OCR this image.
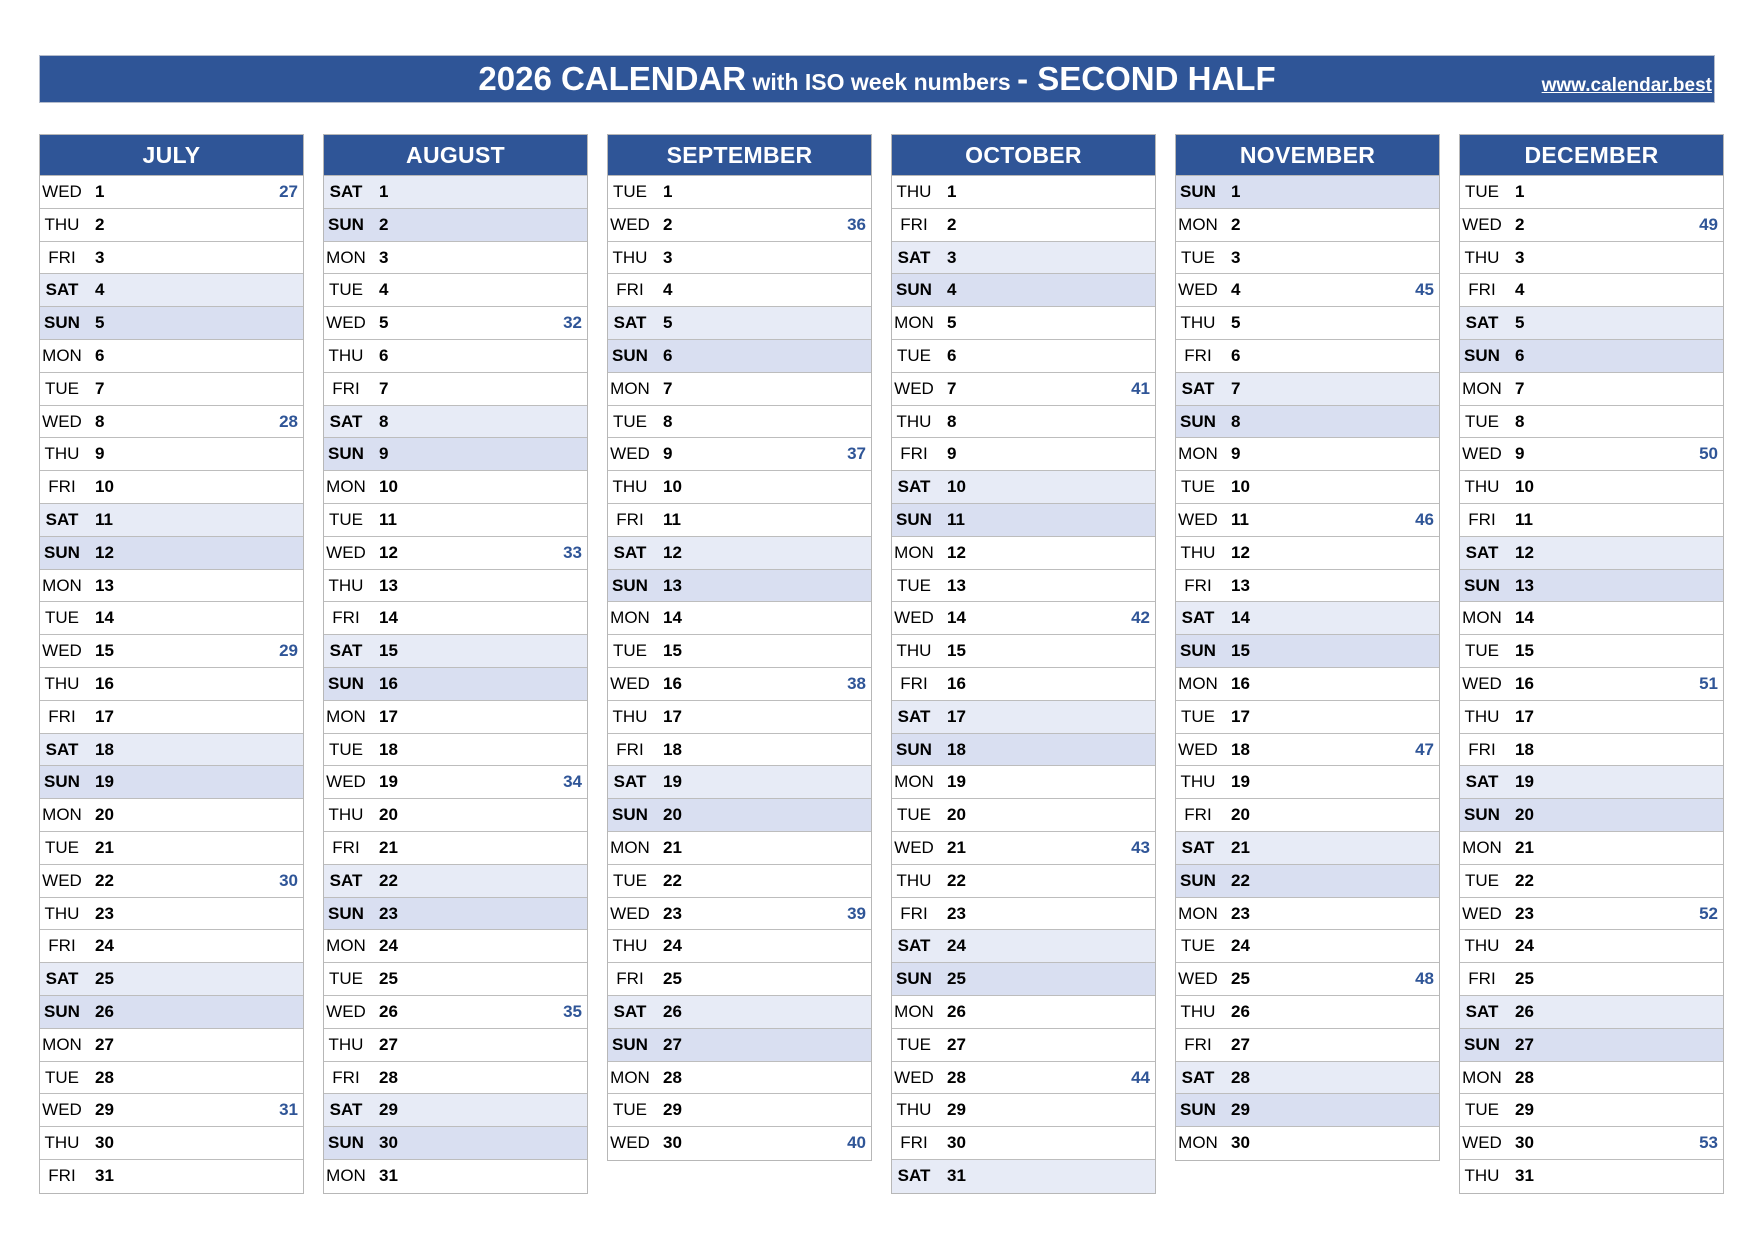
2026 CALENDAR with ISO week numbers - SECOND HALF	www.calendar.best
JULY
WED 1	27
THU 2
FRI	3
SAT 4
SUN 5
MON 6
TUE 7
WED 8	28
THU 9
FRI	10
SAT 11
SUN 12
MON 13
TUE 14
WED 15	29
THU 16
FRI	17
SAT 18
SUN 19
MON 20
TUE 21
WED 22	30
THU 23
FRI	24
SAT 25
SUN 26
MON 27
TUE 28
WED 29	31
THU 30
FRI	31
AUGUST
SAT 1
SUN 2
MON 3
TUE 4
WED 5	32
THU 6
FRI	7
SAT 8
SUN 9
MON 10
TUE 11
WED 12	33
THU 13
FRI	14
SAT 15
SUN 16
MON 17
TUE 18
WED 19	34
THU 20
FRI	21
SAT 22
SUN 23
MON 24
TUE 25
WED 26	35
THU 27
FRI	28
SAT 29
SUN 30
MON 31
SEPTEMBER
TUE 1
WED 2	36
THU 3
FRI	4
SAT 5
SUN 6
MON 7
TUE 8
WED 9	37
THU 10
FRI	11
SAT 12
SUN 13
MON 14
TUE 15
WED 16	38
THU 17
FRI	18
SAT 19
SUN 20
MON 21
TUE 22
WED 23	39
THU 24
FRI	25
SAT 26
SUN 27
MON 28
TUE 29
WED 30	40
OCTOBER
THU 1
FRI	2
SAT 3
SUN 4
MON 5
TUE 6
WED 7	41
THU 8
FRI	9
SAT 10
SUN 11
MON 12
TUE 13
WED 14	42
THU 15
FRI	16
SAT 17
SUN 18
MON 19
TUE 20
WED 21	43
THU 22
FRI	23
SAT 24
SUN 25
MON 26
TUE 27
WED 28	44
THU 29
FRI	30
SAT 31
NOVEMBER
SUN 1
MON 2
TUE 3
WED 4	45
THU 5
FRI	6
SAT 7
SUN 8
MON 9
TUE 10
WED 11	46
THU 12
FRI	13
SAT 14
SUN 15
MON 16
TUE 17
WED 18	47
THU 19
FRI	20
SAT 21
SUN 22
MON 23
TUE 24
WED 25	48
THU 26
FRI	27
SAT 28
SUN 29
MON 30
DECEMBER
TUE 1
WED 2	49
THU 3
FRI	4
SAT 5
SUN 6
MON 7
TUE 8
WED 9	50
THU 10
FRI	11
SAT 12
SUN 13
MON 14
TUE 15
WED 16	51
THU 17
FRI	18
SAT 19
SUN 20
MON 21
TUE 22
WED 23	52
THU 24
FRI	25
SAT 26
SUN 27
MON 28
TUE 29
WED 30	53
THU 31
